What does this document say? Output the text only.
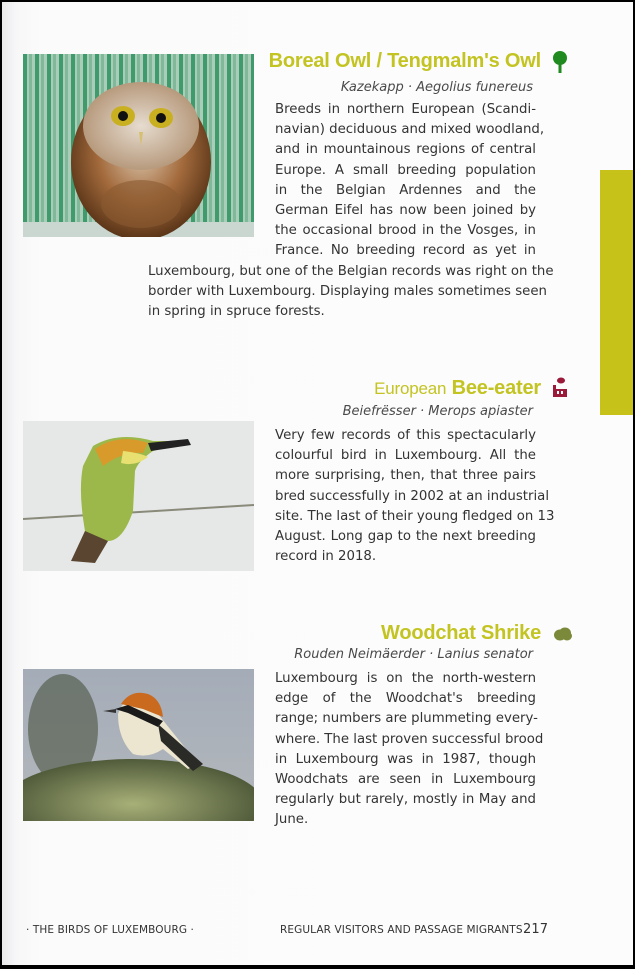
Boreal Owl / Tengmalm's Owl
Kazekapp · Aegolius funereus
Breeds in northern European (Scandi-
navian) deciduous and mixed woodland,
and in mountainous regions of central
Europe. A small breeding population
in the Belgian Ardennes and the
German Eifel has now been joined by
the occasional brood in the Vosges, in
France. No breeding record as yet in
Luxembourg, but one of the Belgian records was right on the
border with Luxembourg. Displaying males sometimes seen
in spring in spruce forests.
European Bee-eater
Beiefrësser · Merops apiaster
Very few records of this spectacularly
colourful bird in Luxembourg. All the
more surprising, then, that three pairs
bred successfully in 2002 at an industrial
site. The last of their young fledged on 13
August. Long gap to the next breeding
record in 2018.
Woodchat Shrike
Rouden Neimäerder · Lanius senator
Luxembourg is on the north-western
edge of the Woodchat's breeding
range; numbers are plummeting every-
where. The last proven successful brood
in Luxembourg was in 1987, though
Woodchats are seen in Luxembourg
regularly but rarely, mostly in May and
June.
· THE BIRDS OF LUXEMBOURG ·	REGULAR VISITORS AND PASSAGE MIGRANTS 217
